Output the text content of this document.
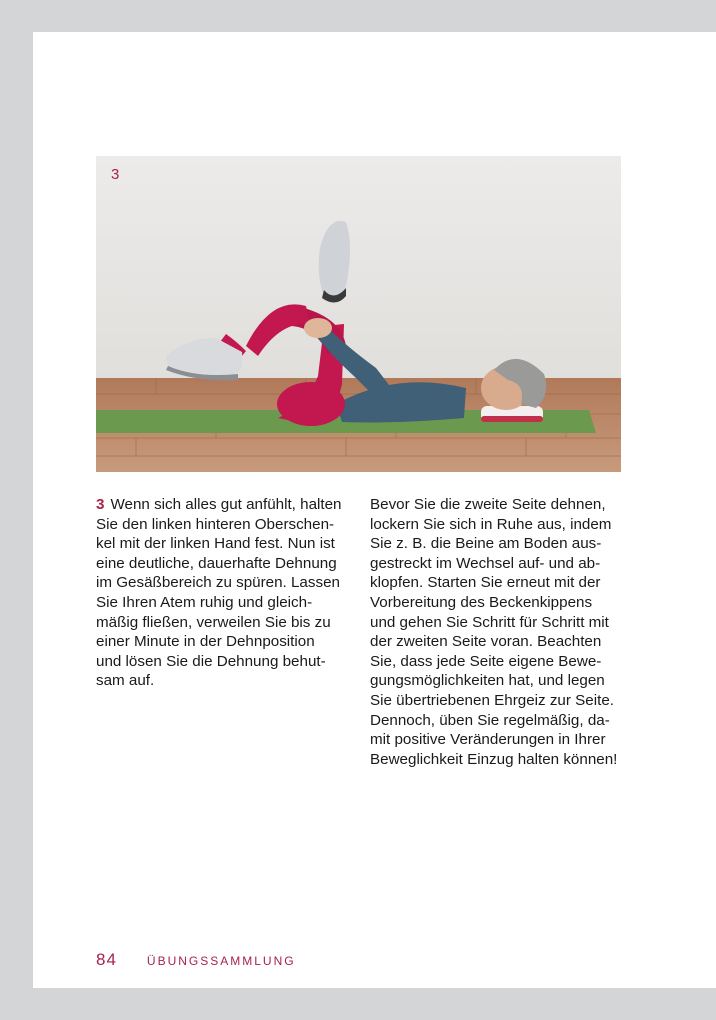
3
3 Wenn sich alles gut anfühlt, halten
Sie den linken hinteren Oberschen-
kel mit der linken Hand fest. Nun ist
eine deutliche, dauerhafte Dehnung
im Gesäßbereich zu spüren. Lassen
Sie Ihren Atem ruhig und gleich-
mäßig fließen, verweilen Sie bis zu
einer Minute in der Dehnposition
und lösen Sie die Dehnung behut-
sam auf.
Bevor Sie die zweite Seite dehnen,
lockern Sie sich in Ruhe aus, indem
Sie z. B. die Beine am Boden aus-
gestreckt im Wechsel auf- und ab-
klopfen. Starten Sie erneut mit der
Vorbereitung des Beckenkippens
und gehen Sie Schritt für Schritt mit
der zweiten Seite voran. Beachten
Sie, dass jede Seite eigene Bewe-
gungsmöglichkeiten hat, und legen
Sie übertriebenen Ehrgeiz zur Seite.
Dennoch, üben Sie regelmäßig, da-
mit positive Veränderungen in Ihrer
Beweglichkeit Einzug halten können!
84	ÜBUNGSSAMMLUNG
